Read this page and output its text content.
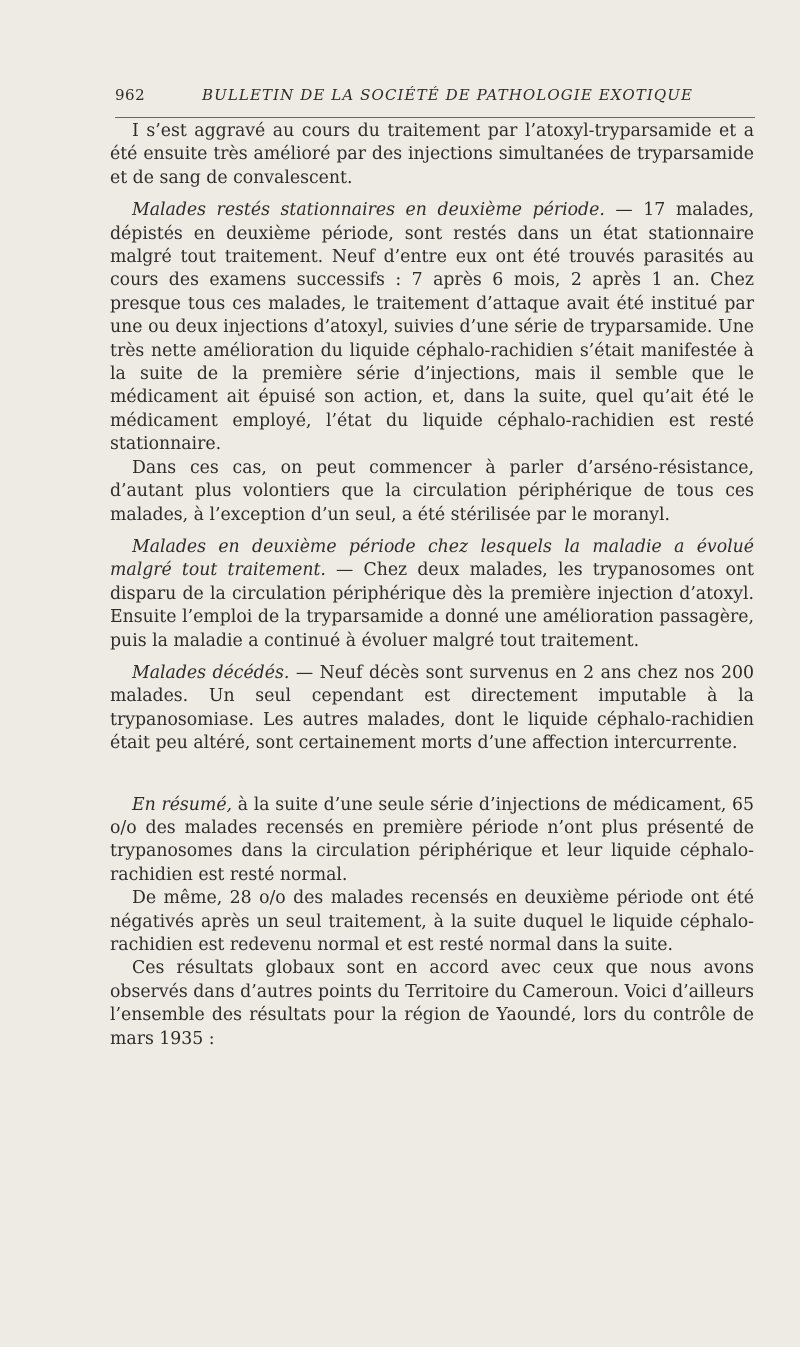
962	BULLETIN DE LA SOCIÉTÉ DE PATHOLOGIE EXOTIQUE

I s’est aggravé au cours du traitement par l’atoxyl-tryparsamide et a été ensuite très amélioré par des injections simultanées de tryparsamide et de sang de convalescent.

Malades restés stationnaires en deuxième période. — 17 malades, dépistés en deuxième période, sont restés dans un état stationnaire malgré tout traitement. Neuf d’entre eux ont été trouvés parasités au cours des examens successifs : 7 après 6 mois, 2 après 1 an. Chez presque tous ces malades, le traitement d’attaque avait été institué par une ou deux injections d’atoxyl, suivies d’une série de tryparsamide. Une très nette amélioration du liquide céphalo-rachidien s’était manifestée à la suite de la première série d’injections, mais il semble que le médicament ait épuisé son action, et, dans la suite, quel qu’ait été le médicament employé, l’état du liquide céphalo-rachidien est resté stationnaire.

Dans ces cas, on peut commencer à parler d’arséno-résistance, d’autant plus volontiers que la circulation périphérique de tous ces malades, à l’exception d’un seul, a été stérilisée par le moranyl.

Malades en deuxième période chez lesquels la maladie a évolué malgré tout traitement. — Chez deux malades, les trypanosomes ont disparu de la circulation périphérique dès la première injection d’atoxyl. Ensuite l’emploi de la tryparsamide a donné une amélioration passagère, puis la maladie a continué à évoluer malgré tout traitement.

Malades décédés. — Neuf décès sont survenus en 2 ans chez nos 200 malades. Un seul cependant est directement imputable à la trypanosomiase. Les autres malades, dont le liquide céphalo-rachidien était peu altéré, sont certainement morts d’une affection intercurrente.

En résumé, à la suite d’une seule série d’injections de médicament, 65 o/o des malades recensés en première période n’ont plus présenté de trypanosomes dans la circulation périphérique et leur liquide céphalo-rachidien est resté normal.

De même, 28 o/o des malades recensés en deuxième période ont été négativés après un seul traitement, à la suite duquel le liquide céphalo-rachidien est redevenu normal et est resté normal dans la suite.

Ces résultats globaux sont en accord avec ceux que nous avons observés dans d’autres points du Territoire du Cameroun. Voici d’ailleurs l’ensemble des résultats pour la région de Yaoundé, lors du contrôle de mars 1935 :
